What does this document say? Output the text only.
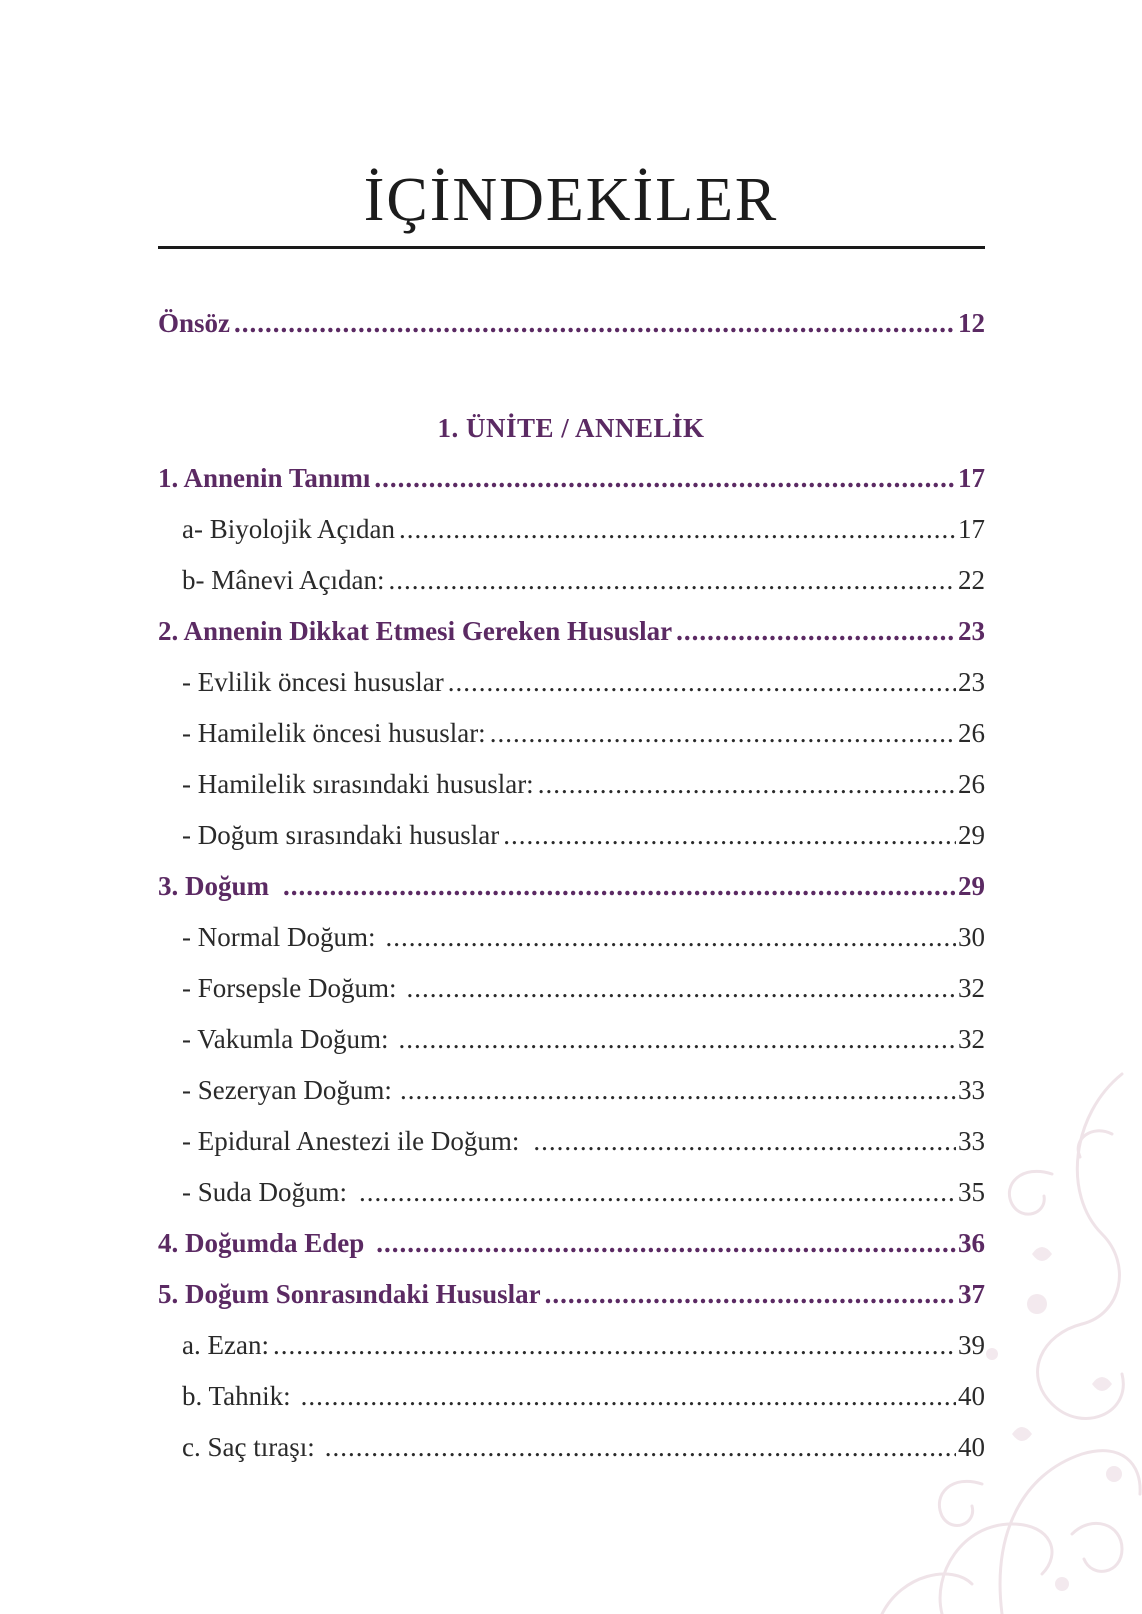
İÇİNDEKİLER
Önsöz .....	12
1. ÜNİTE / ANNELİK
1. Annenin Tanımı .....	17
a- Biyolojik Açıdan .....	17
b- Mânevi Açıdan: .....	22
2. Annenin Dikkat Etmesi Gereken Hususlar .....	23
- Evlilik öncesi hususlar .....	23
- Hamilelik öncesi hususlar: .....	26
- Hamilelik sırasındaki hususlar: .....	26
- Doğum sırasındaki hususlar .....	29
3. Doğum .....	29
- Normal Doğum: .....	30
- Forsepsle Doğum: .....	32
- Vakumla Doğum: .....	32
- Sezeryan Doğum: .....	33
- Epidural Anestezi ile Doğum: .....	33
- Suda Doğum: .....	35
4. Doğumda Edep .....	36
5. Doğum Sonrasındaki Hususlar .....	37
a. Ezan: .....	39
b. Tahnik: .....	40
c. Saç tıraşı: .....	40
